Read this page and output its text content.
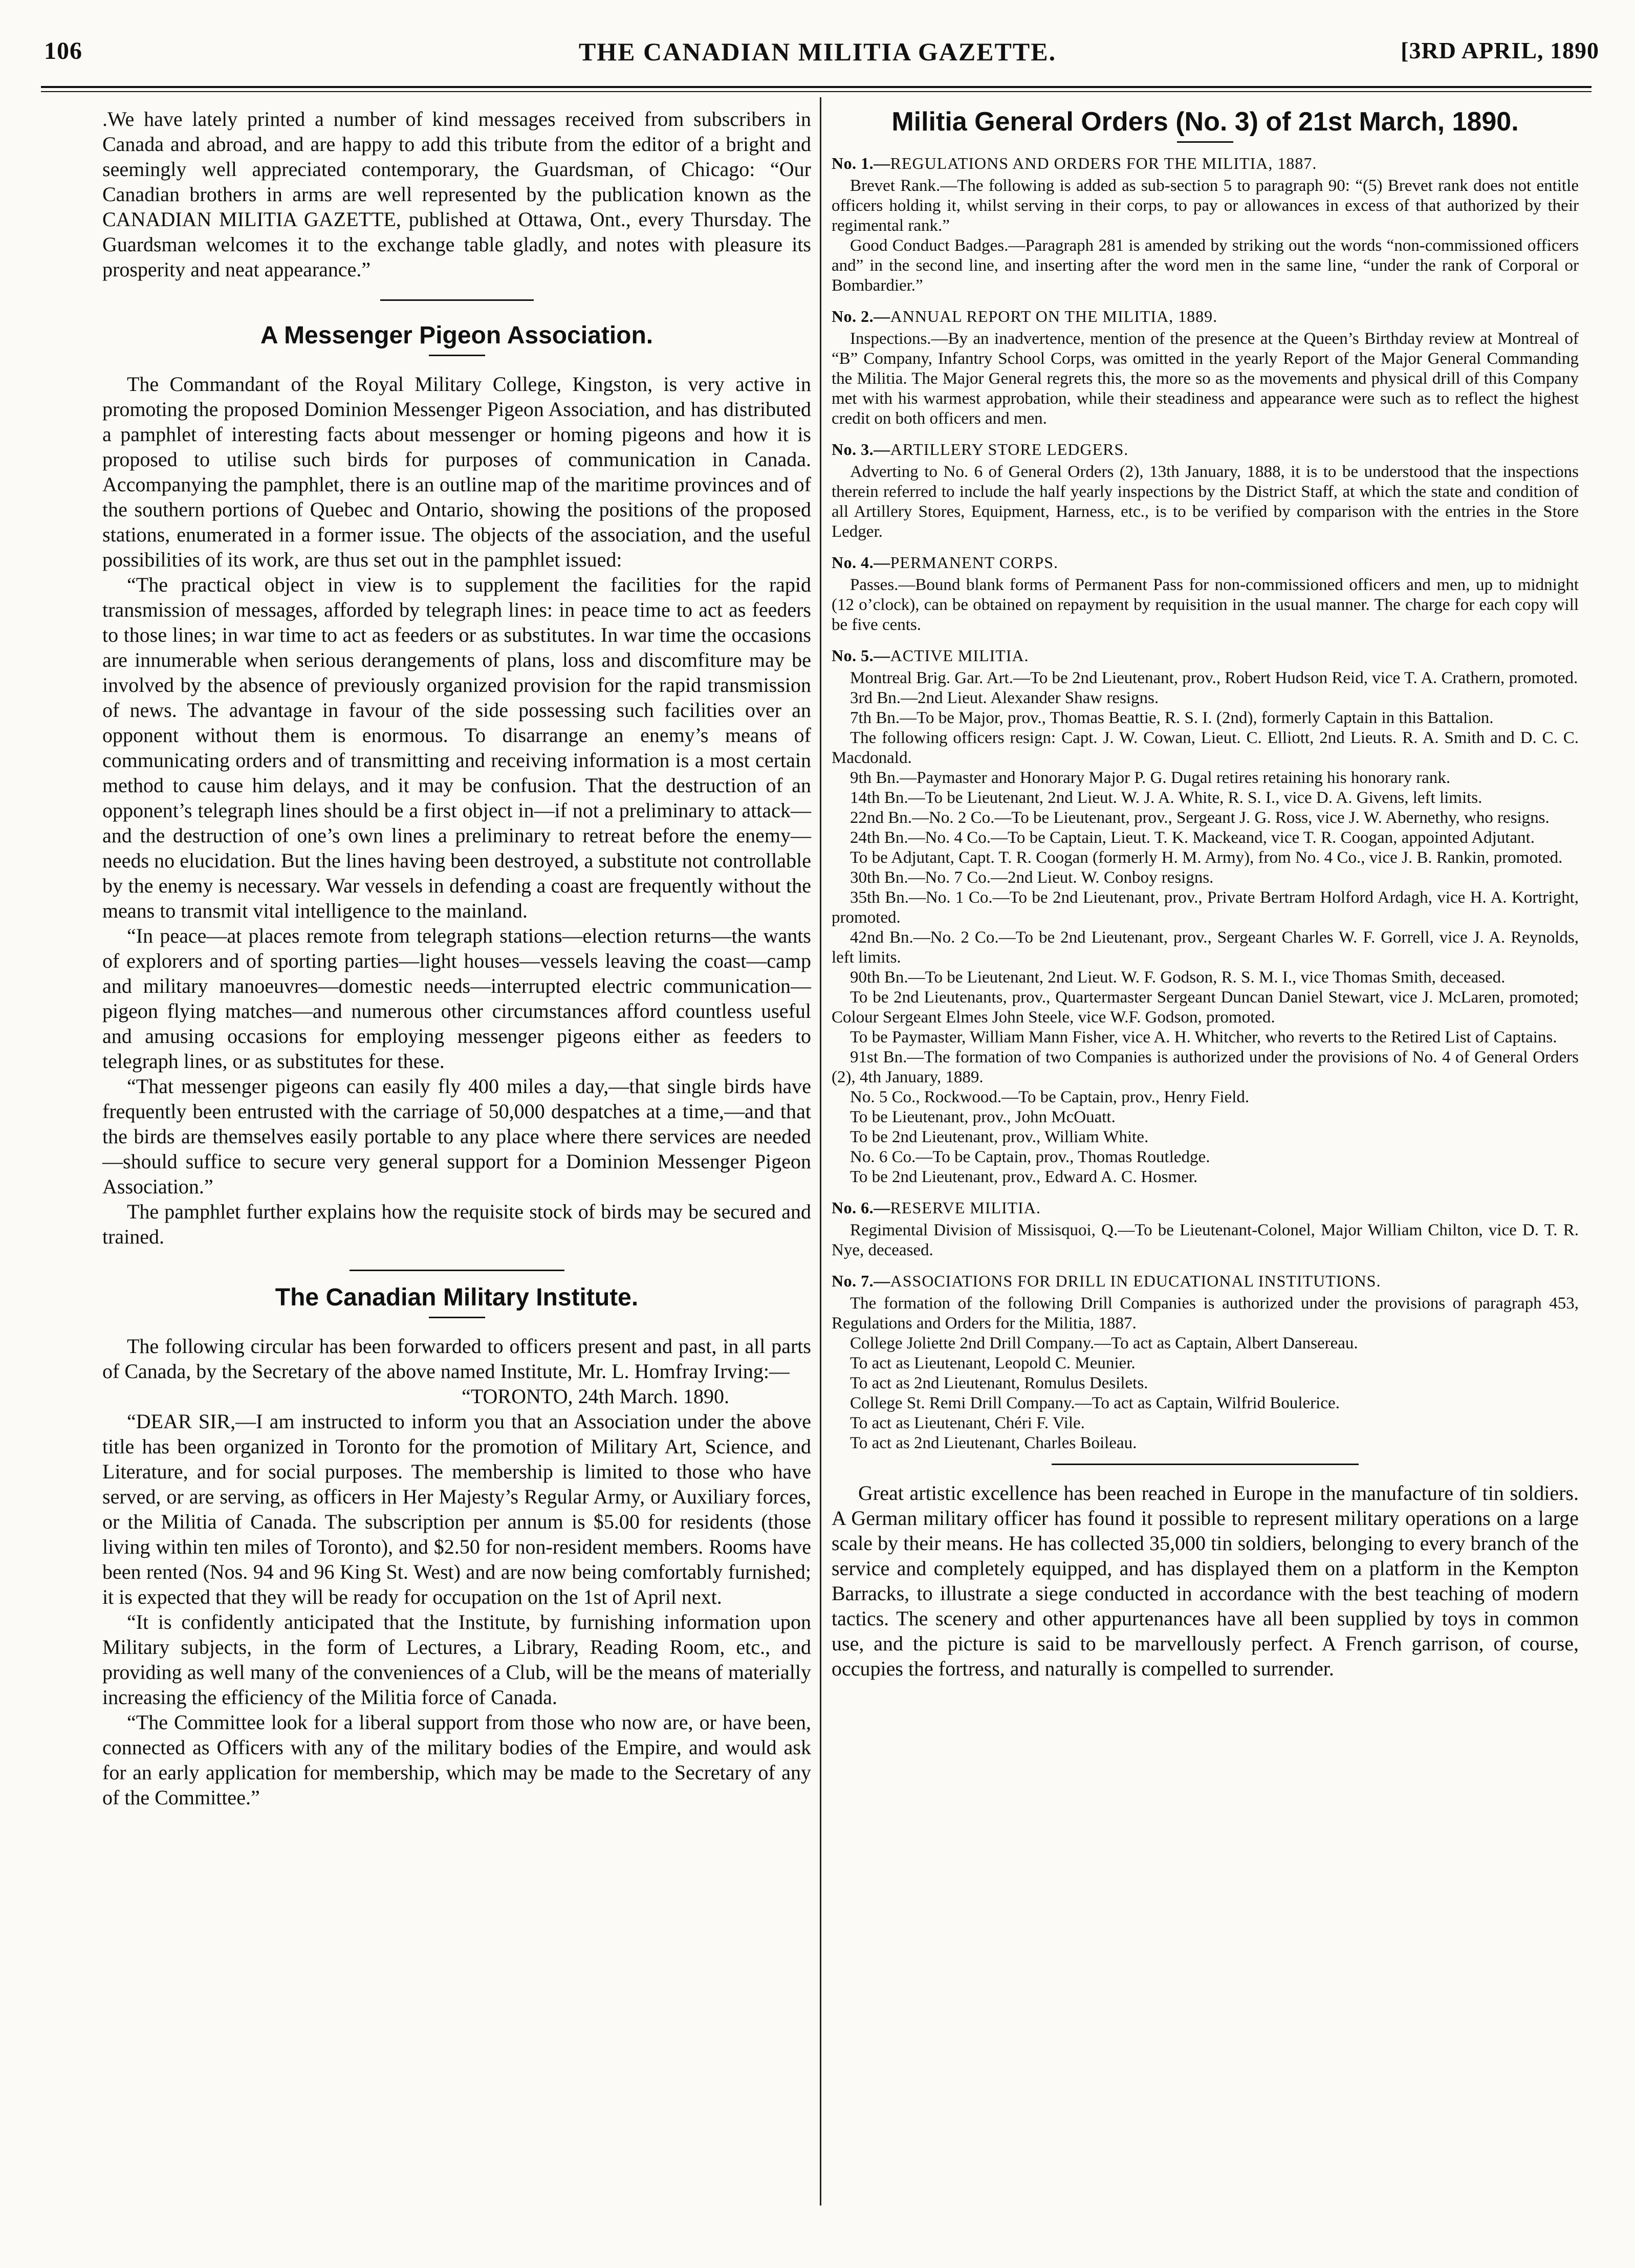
106	THE CANADIAN MILITIA GAZETTE.	[3RD APRIL, 1890

.We have lately printed a number of kind messages received from subscribers in Canada and abroad, and are happy to add this tribute from the editor of a bright and seemingly well appreciated contemporary, the Guardsman, of Chicago: “Our Canadian brothers in arms are well represented by the publication known as the CANADIAN MILITIA GAZETTE, published at Ottawa, Ont., every Thursday. The Guardsman welcomes it to the exchange table gladly, and notes with pleasure its prosperity and neat appearance.”

A Messenger Pigeon Association.

The Commandant of the Royal Military College, Kingston, is very active in promoting the proposed Dominion Messenger Pigeon Association, and has distributed a pamphlet of interesting facts about messenger or homing pigeons and how it is proposed to utilise such birds for purposes of communication in Canada. Accompanying the pamphlet, there is an outline map of the maritime provinces and of the southern portions of Quebec and Ontario, showing the positions of the proposed stations, enumerated in a former issue. The objects of the association, and the useful possibilities of its work, are thus set out in the pamphlet issued:

“The practical object in view is to supplement the facilities for the rapid transmission of messages, afforded by telegraph lines: in peace time to act as feeders to those lines; in war time to act as feeders or as substitutes. In war time the occasions are innumerable when serious derangements of plans, loss and discomfiture may be involved by the absence of previously organized provision for the rapid transmission of news. The advantage in favour of the side possessing such facilities over an opponent without them is enormous. To disarrange an enemy’s means of communicating orders and of transmitting and receiving information is a most certain method to cause him delays, and it may be confusion. That the destruction of an opponent’s telegraph lines should be a first object in—if not a preliminary to attack—and the destruction of one’s own lines a preliminary to retreat before the enemy—needs no elucidation. But the lines having been destroyed, a substitute not controllable by the enemy is necessary. War vessels in defending a coast are frequently without the means to transmit vital intelligence to the mainland.

“In peace—at places remote from telegraph stations—election returns—the wants of explorers and of sporting parties—light houses—vessels leaving the coast—camp and military manoeuvres—domestic needs—interrupted electric communication—pigeon flying matches—and numerous other circumstances afford countless useful and amusing occasions for employing messenger pigeons either as feeders to telegraph lines, or as substitutes for these.

“That messenger pigeons can easily fly 400 miles a day,—that single birds have frequently been entrusted with the carriage of 50,000 despatches at a time,—and that the birds are themselves easily portable to any place where there services are needed—should suffice to secure very general support for a Dominion Messenger Pigeon Association.”

The pamphlet further explains how the requisite stock of birds may be secured and trained.

The Canadian Military Institute.

The following circular has been forwarded to officers present and past, in all parts of Canada, by the Secretary of the above named Institute, Mr. L. Homfray Irving:—

“TORONTO, 24th March. 1890.

“DEAR SIR,—I am instructed to inform you that an Association under the above title has been organized in Toronto for the promotion of Military Art, Science, and Literature, and for social purposes. The membership is limited to those who have served, or are serving, as officers in Her Majesty’s Regular Army, or Auxiliary forces, or the Militia of Canada. The subscription per annum is $5.00 for residents (those living within ten miles of Toronto), and $2.50 for non-resident members. Rooms have been rented (Nos. 94 and 96 King St. West) and are now being comfortably furnished; it is expected that they will be ready for occupation on the 1st of April next.

“It is confidently anticipated that the Institute, by furnishing information upon Military subjects, in the form of Lectures, a Library, Reading Room, etc., and providing as well many of the conveniences of a Club, will be the means of materially increasing the efficiency of the Militia force of Canada.

“The Committee look for a liberal support from those who now are, or have been, connected as Officers with any of the military bodies of the Empire, and would ask for an early application for membership, which may be made to the Secretary of any of the Committee.”

Militia General Orders (No. 3) of 21st March, 1890.
No. 1.—REGULATIONS AND ORDERS FOR THE MILITIA, 1887.

Brevet Rank.—The following is added as sub-section 5 to paragraph 90: “(5) Brevet rank does not entitle officers holding it, whilst serving in their corps, to pay or allowances in excess of that authorized by their regimental rank.”

Good Conduct Badges.—Paragraph 281 is amended by striking out the words “non-commissioned officers and” in the second line, and inserting after the word men in the same line, “under the rank of Corporal or Bombardier.”

No. 2.—ANNUAL REPORT ON THE MILITIA, 1889.

Inspections.—By an inadvertence, mention of the presence at the Queen’s Birthday review at Montreal of “B” Company, Infantry School Corps, was omitted in the yearly Report of the Major General Commanding the Militia. The Major General regrets this, the more so as the movements and physical drill of this Company met with his warmest approbation, while their steadiness and appearance were such as to reflect the highest credit on both officers and men.

No. 3.—ARTILLERY STORE LEDGERS.

Adverting to No. 6 of General Orders (2), 13th January, 1888, it is to be understood that the inspections therein referred to include the half yearly inspections by the District Staff, at which the state and condition of all Artillery Stores, Equipment, Harness, etc., is to be verified by comparison with the entries in the Store Ledger.

No. 4.—PERMANENT CORPS.

Passes.—Bound blank forms of Permanent Pass for non-commissioned officers and men, up to midnight (12 o’clock), can be obtained on repayment by requisition in the usual manner. The charge for each copy will be five cents.

No. 5.—ACTIVE MILITIA.

Montreal Brig. Gar. Art.—To be 2nd Lieutenant, prov., Robert Hudson Reid, vice T. A. Crathern, promoted.

3rd Bn.—2nd Lieut. Alexander Shaw resigns.

7th Bn.—To be Major, prov., Thomas Beattie, R. S. I. (2nd), formerly Captain in this Battalion.

The following officers resign: Capt. J. W. Cowan, Lieut. C. Elliott, 2nd Lieuts. R. A. Smith and D. C. C. Macdonald.

9th Bn.—Paymaster and Honorary Major P. G. Dugal retires retaining his honorary rank.

14th Bn.—To be Lieutenant, 2nd Lieut. W. J. A. White, R. S. I., vice D. A. Givens, left limits.

22nd Bn.—No. 2 Co.—To be Lieutenant, prov., Sergeant J. G. Ross, vice J. W. Abernethy, who resigns.

24th Bn.—No. 4 Co.—To be Captain, Lieut. T. K. Mackeand, vice T. R. Coogan, appointed Adjutant.

To be Adjutant, Capt. T. R. Coogan (formerly H. M. Army), from No. 4 Co., vice J. B. Rankin, promoted.

30th Bn.—No. 7 Co.—2nd Lieut. W. Conboy resigns.

35th Bn.—No. 1 Co.—To be 2nd Lieutenant, prov., Private Bertram Holford Ardagh, vice H. A. Kortright, promoted.

42nd Bn.—No. 2 Co.—To be 2nd Lieutenant, prov., Sergeant Charles W. F. Gorrell, vice J. A. Reynolds, left limits.

90th Bn.—To be Lieutenant, 2nd Lieut. W. F. Godson, R. S. M. I., vice Thomas Smith, deceased.

To be 2nd Lieutenants, prov., Quartermaster Sergeant Duncan Daniel Stewart, vice J. McLaren, promoted; Colour Sergeant Elmes John Steele, vice W.F. Godson, promoted.

To be Paymaster, William Mann Fisher, vice A. H. Whitcher, who reverts to the Retired List of Captains.

91st Bn.—The formation of two Companies is authorized under the provisions of No. 4 of General Orders (2), 4th January, 1889.

No. 5 Co., Rockwood.—To be Captain, prov., Henry Field.

To be Lieutenant, prov., John McOuatt.

To be 2nd Lieutenant, prov., William White.

No. 6 Co.—To be Captain, prov., Thomas Routledge.

To be 2nd Lieutenant, prov., Edward A. C. Hosmer.

No. 6.—RESERVE MILITIA.

Regimental Division of Missisquoi, Q.—To be Lieutenant-Colonel, Major William Chilton, vice D. T. R. Nye, deceased.

No. 7.—ASSOCIATIONS FOR DRILL IN EDUCATIONAL INSTITUTIONS.

The formation of the following Drill Companies is authorized under the provisions of paragraph 453, Regulations and Orders for the Militia, 1887.

College Joliette 2nd Drill Company.—To act as Captain, Albert Dansereau.

To act as Lieutenant, Leopold C. Meunier.

To act as 2nd Lieutenant, Romulus Desilets.

College St. Remi Drill Company.—To act as Captain, Wilfrid Boulerice.

To act as Lieutenant, Chéri F. Vile.

To act as 2nd Lieutenant, Charles Boileau.

Great artistic excellence has been reached in Europe in the manufacture of tin soldiers. A German military officer has found it possible to represent military operations on a large scale by their means. He has collected 35,000 tin soldiers, belonging to every branch of the service and completely equipped, and has displayed them on a platform in the Kempton Barracks, to illustrate a siege conducted in accordance with the best teaching of modern tactics. The scenery and other appurtenances have all been supplied by toys in common use, and the picture is said to be marvellously perfect. A French garrison, of course, occupies the fortress, and naturally is compelled to surrender.
